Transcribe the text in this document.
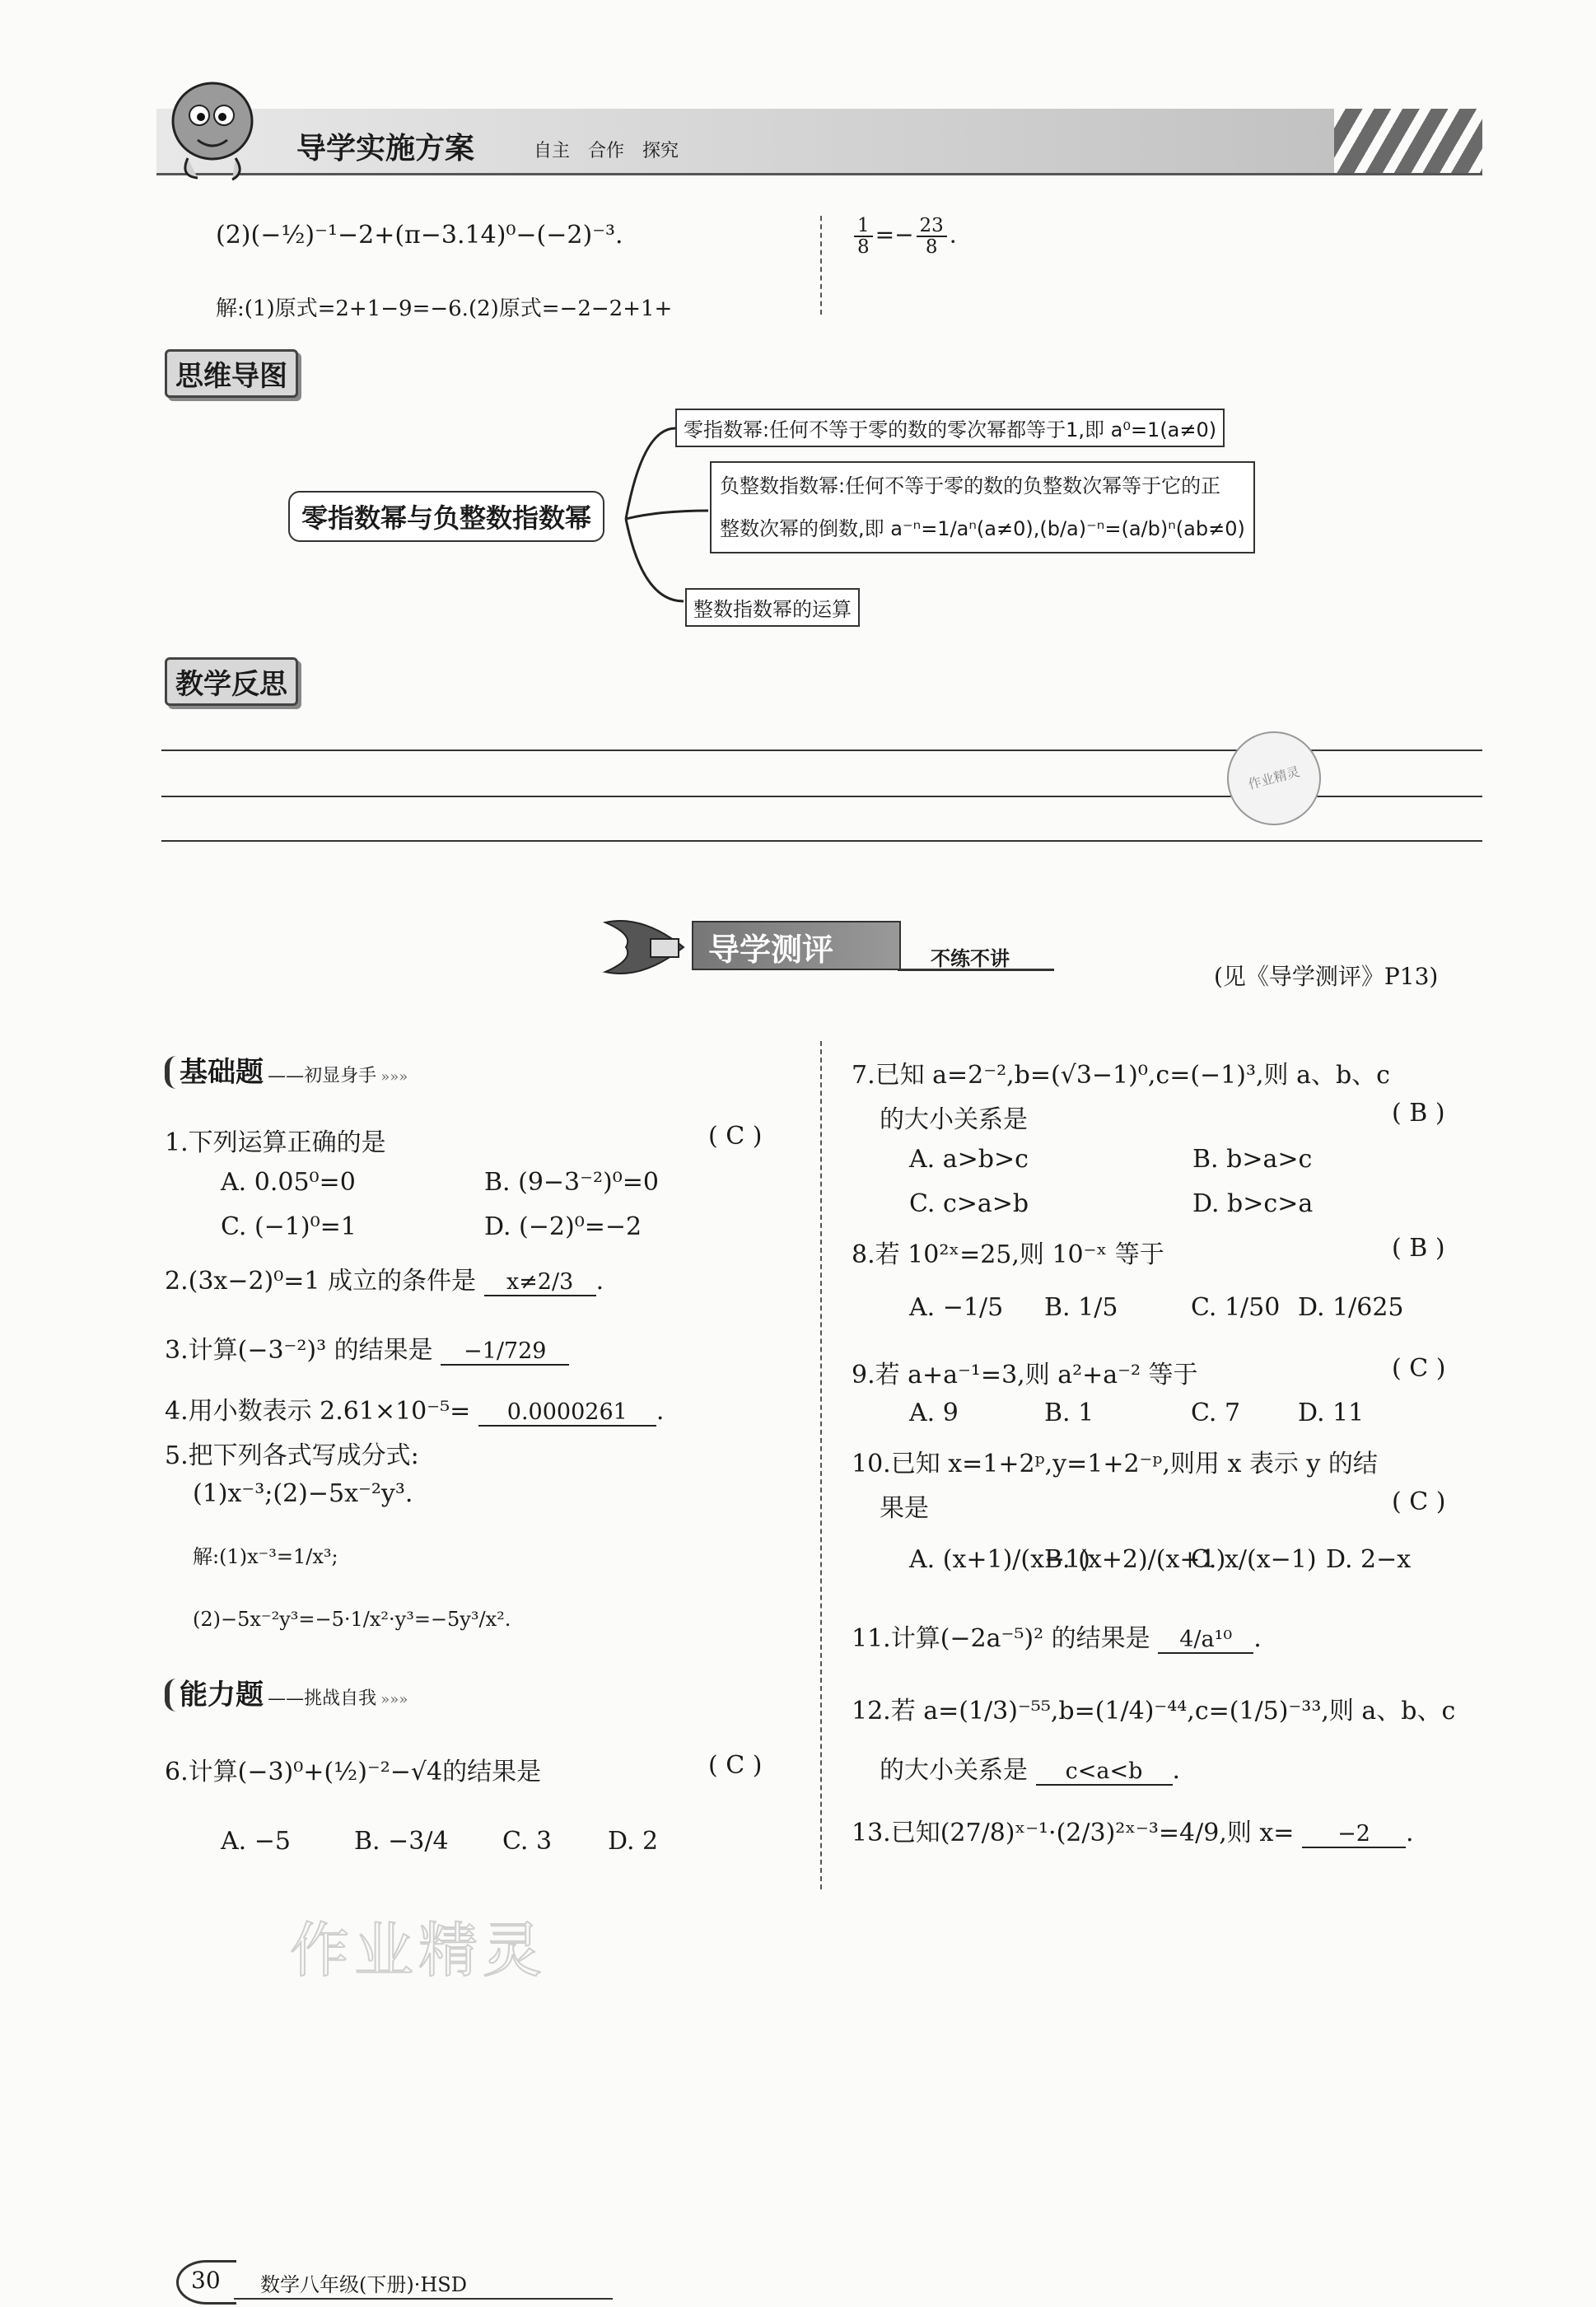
导学实施方案	自主　合作　探究
(2)(−½)⁻¹−2+(π−3.14)⁰−(−2)⁻³.
解:(1)原式=2+1−9=−6.(2)原式=−2−2+1+
$\frac{1}{8} =- \frac{23}{8}$ .
思维导图
零指数幂与负整数指数幂
零指数幂:任何不等于零的数的零次幂都等于1,即 a⁰=1(a≠0)
负整数指数幂:任何不等于零的数的负整数次幂等于它的正
整数次幂的倒数,即 a⁻ⁿ=1/aⁿ(a≠0),(b/a)⁻ⁿ=(a/b)ⁿ(ab≠0)
整数指数幂的运算
教学反思
作业精灵
导学测评	不练不讲
(见《导学测评》P13)
基础题 ——初显身手 »»»
1.下列运算正确的是	( C )
A. 0.05⁰=0	B. (9−3⁻²)⁰=0
C. (−1)⁰=1	D. (−2)⁰=−2
2.(3x−2)⁰=1 成立的条件是 x≠2/3 .
3.计算(−3⁻²)³ 的结果是 −1/729
4.用小数表示 2.61×10⁻⁵= 0.0000261 .
5.把下列各式写成分式:
(1)x⁻³;(2)−5x⁻²y³.
解:(1)x⁻³=1/x³;
(2)−5x⁻²y³=−5·1/x²·y³=−5y³/x².
能力题 ——挑战自我 »»»
6.计算(−3)⁰+(½)⁻²−√4的结果是	( C )
A. −5	B. −3/4 C. 3 D. 2
7.已知 a=2⁻²,b=(√3−1)⁰,c=(−1)³,则 a、b、c
的大小关系是	( B )
A. a>b>c	B. b>a>c
C. c>a>b	D. b>c>a
8.若 10²ˣ=25,则 10⁻ˣ 等于	( B )
A. −1/5 B. 1/5	C. 1/50 D. 1/625
9.若 a+a⁻¹=3,则 a²+a⁻² 等于	( C )
A. 9	B. 1	C. 7 D. 11
10.已知 x=1+2ᵖ,y=1+2⁻ᵖ,则用 x 表示 y 的结
果是	( C )
A. (x+1)/(x−1)
B. (x+2)/(x+1)
C. x/(x−1) D. 2−x
11.计算(−2a⁻⁵)² 的结果是 4/a¹⁰ .
12.若 a=(1/3)⁻⁵⁵,b=(1/4)⁻⁴⁴,c=(1/5)⁻³³,则 a、b、c
的大小关系是 c<a<b .
13.已知(27/8)ˣ⁻¹·(2/3)²ˣ⁻³=4/9,则 x= −2 .
作业精灵
30 数学八年级(下册)·HSD
